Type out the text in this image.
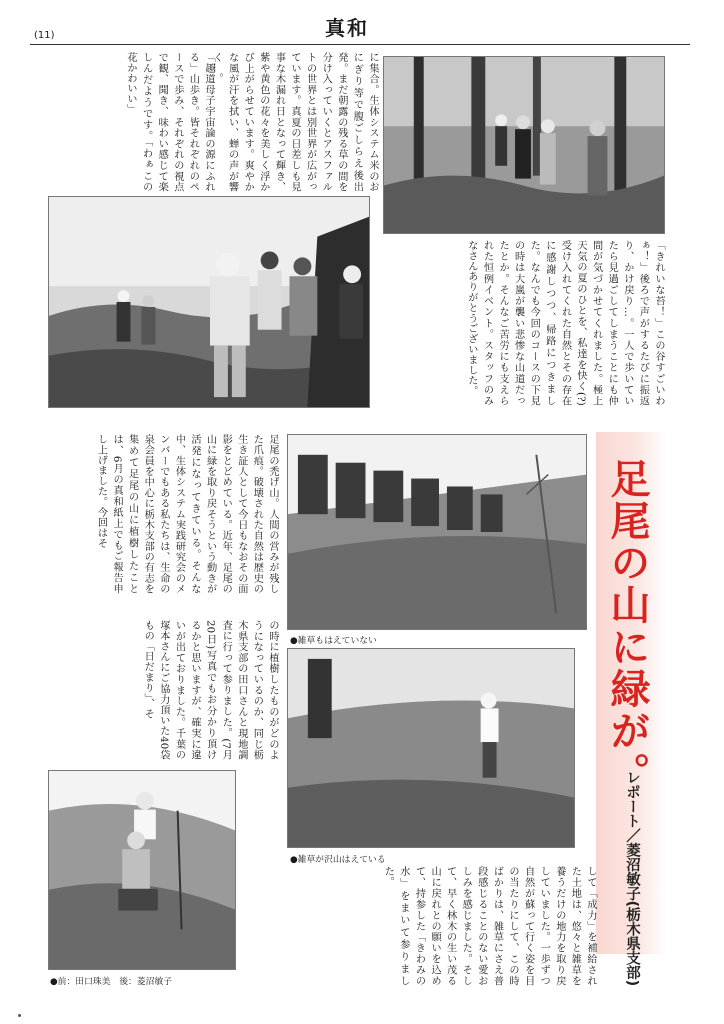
(11)	真和
に集合。生体システム米のおにぎり等で腹ごしらえ後出発。まだ朝露の残る草の間を分け入っていくとアスファルトの世界とは別世界が広がっています。真夏の日差しも見事な木漏れ日となって輝き、紫や黄色の花々を美しく浮かび上がらせています。爽やかな風が汗を拭い、蝉の声が響く…。
「趣道母子宇宙論の源にふれる」山歩き。皆それぞれのペースで歩み、それぞれの視点で観、聞き、味わい感じて楽しんだようです。「わぁこの花かわいい」
「きれいな苔！」この谷すごいわぁ！」後ろで声がするたびに振返り、かけ戻り…。一人で歩いていたら見過ごしてしまうことにも仲間が気づかせてくれました。極上天気の夏のひとを、私達を快く(?)受け入れてくれた自然とその存在に感謝しつつ、帰路につきました。なんでも今回のコースの下見の時は大嵐が襲い悲惨な山道だったとか。そんなご苦労にも支えられた恒例イベント。スタッフのみなさんありがとうございました。
足尾の禿げ山。人間の営みが残した爪痕。破壊された自然は歴史の生き証人として今日もなおその面影をとどめている。近年、足尾の山に緑を取り戻そうという動きが活発になってきている。そんな中、生体システム実践研究会のメンバーでもある私たちは、生命の泉会員を中心に栃木支部の有志を集めて足尾の山に植樹したことは、6月の真和紙上でもご報告申し上げました。今回はそ
の時に植樹したものがどのようになっているのか、同じ栃木県支部の田口さんと現地調査に行って参りました。(7月20日)写真でもお分かり頂けるかと思いますが、確実に違いが出ておりました。千葉の塚本さんにご協力頂いた40袋もの「日だまり」、そ	●雑草もはえていない
●雑草が沢山はえている
●前：田口珠美　後：菱沼敏子
足尾の山に緑が。
レポート／菱沼敏子(栃木県支部)
して「成力」を補給された土地は、悠々と雑草を養うだけの地力を取り戻していました。一歩ずつ自然が蘇って行く姿を目の当たりにして、この時ばかりは、雑草にさえ普段感じることのない愛おしみを感じました。そして、早く林木の生い茂る山に戻れとの願いを込めて、持参した「きわみの水」をまいて参りました。
